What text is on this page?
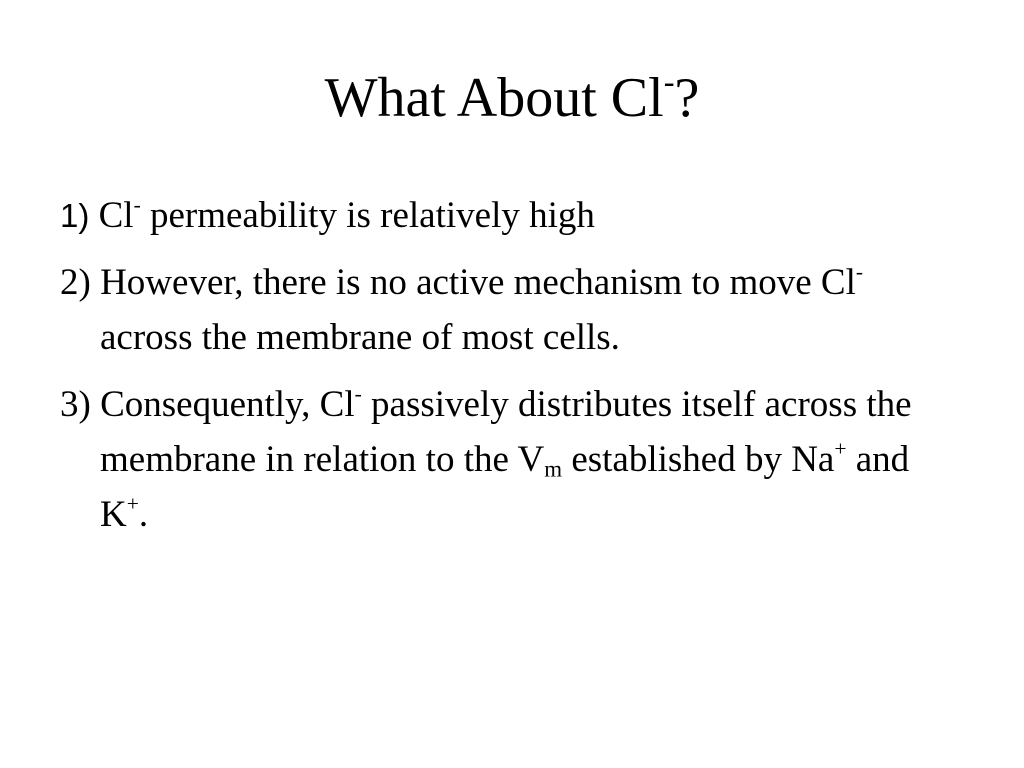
What About Cl-?

1) Cl- permeability is relatively high

2) However, there is no active mechanism to move Cl- across the membrane of most cells.

3) Consequently, Cl- passively distributes itself across the membrane in relation to the $V_m$ established by Na+ and K+.
